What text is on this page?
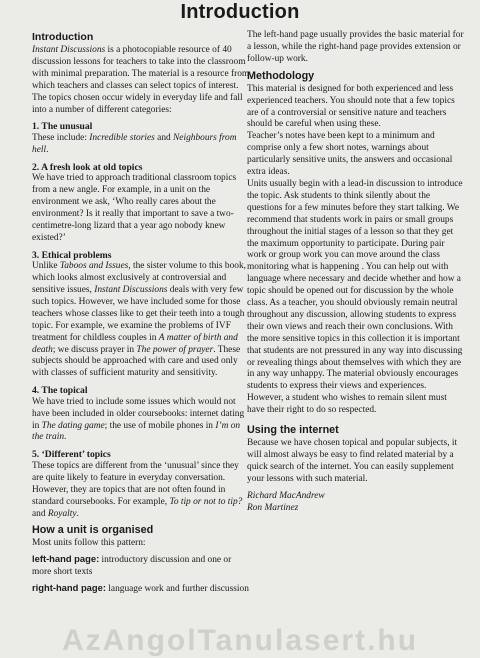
Introduction
Introduction

Instant Discussions is a photocopiable resource of 40 discussion lessons for teachers to take into the classroom with minimal preparation. The material is a resource from which teachers and classes can select topics of interest. The topics chosen occur widely in everyday life and fall into a number of different categories:

1. The unusual

These include: Incredible stories and Neighbours from hell.

2. A fresh look at old topics

We have tried to approach traditional classroom topics from a new angle. For example, in a unit on the environment we ask, ‘Who really cares about the environment? Is it really that important to save a two-centimetre-long lizard that a year ago nobody knew existed?’

3. Ethical problems

Unlike Taboos and Issues, the sister volume to this book, which looks almost exclusively at controversial and sensitive issues, Instant Discussions deals with very few such topics. However, we have included some for those teachers whose classes like to get their teeth into a tough topic. For example, we examine the problems of IVF treatment for childless couples in A matter of birth and death; we discuss prayer in The power of prayer. These subjects should be approached with care and used only with classes of sufficient maturity and sensitivity.

4. The topical

We have tried to include some issues which would not have been included in older coursebooks: internet dating in The dating game; the use of mobile phones in I’m on the train.

5. ‘Different’ topics

These topics are different from the ‘unusual’ since they are quite likely to feature in everyday conversation. However, they are topics that are not often found in standard coursebooks. For example, To tip or not to tip? and Royalty.

How a unit is organised

Most units follow this pattern:

left-hand page: introductory discussion and one or more short texts

right-hand page: language work and further discussion

The left-hand page usually provides the basic material for a lesson, while the right-hand page provides extension or follow-up work.

Methodology

This material is designed for both experienced and less experienced teachers. You should note that a few topics are of a controversial or sensitive nature and teachers should be careful when using these.

Teacher’s notes have been kept to a minimum and comprise only a few short notes, warnings about particularly sensitive units, the answers and occasional extra ideas.

Units usually begin with a lead-in discussion to introduce the topic. Ask students to think silently about the questions for a few minutes before they start talking. We recommend that students work in pairs or small groups throughout the initial stages of a lesson so that they get the maximum opportunity to participate. During pair work or group work you can move around the class monitoring what is happening . You can help out with language where necessary and decide whether and how a topic should be opened out for discussion by the whole class. As a teacher, you should obviously remain neutral throughout any discussion, allowing students to express their own views and reach their own conclusions. With the more sensitive topics in this collection it is important that students are not pressured in any way into discussing or revealing things about themselves with which they are in any way unhappy. The material obviously encourages students to express their views and experiences. However, a student who wishes to remain silent must have their right to do so respected.

Using the internet

Because we have chosen topical and popular subjects, it will almost always be easy to find related material by a quick search of the internet. You can easily supplement your lessons with such material.

Richard MacAndrew

Ron Martinez

AzAngolTanulasert.hu
